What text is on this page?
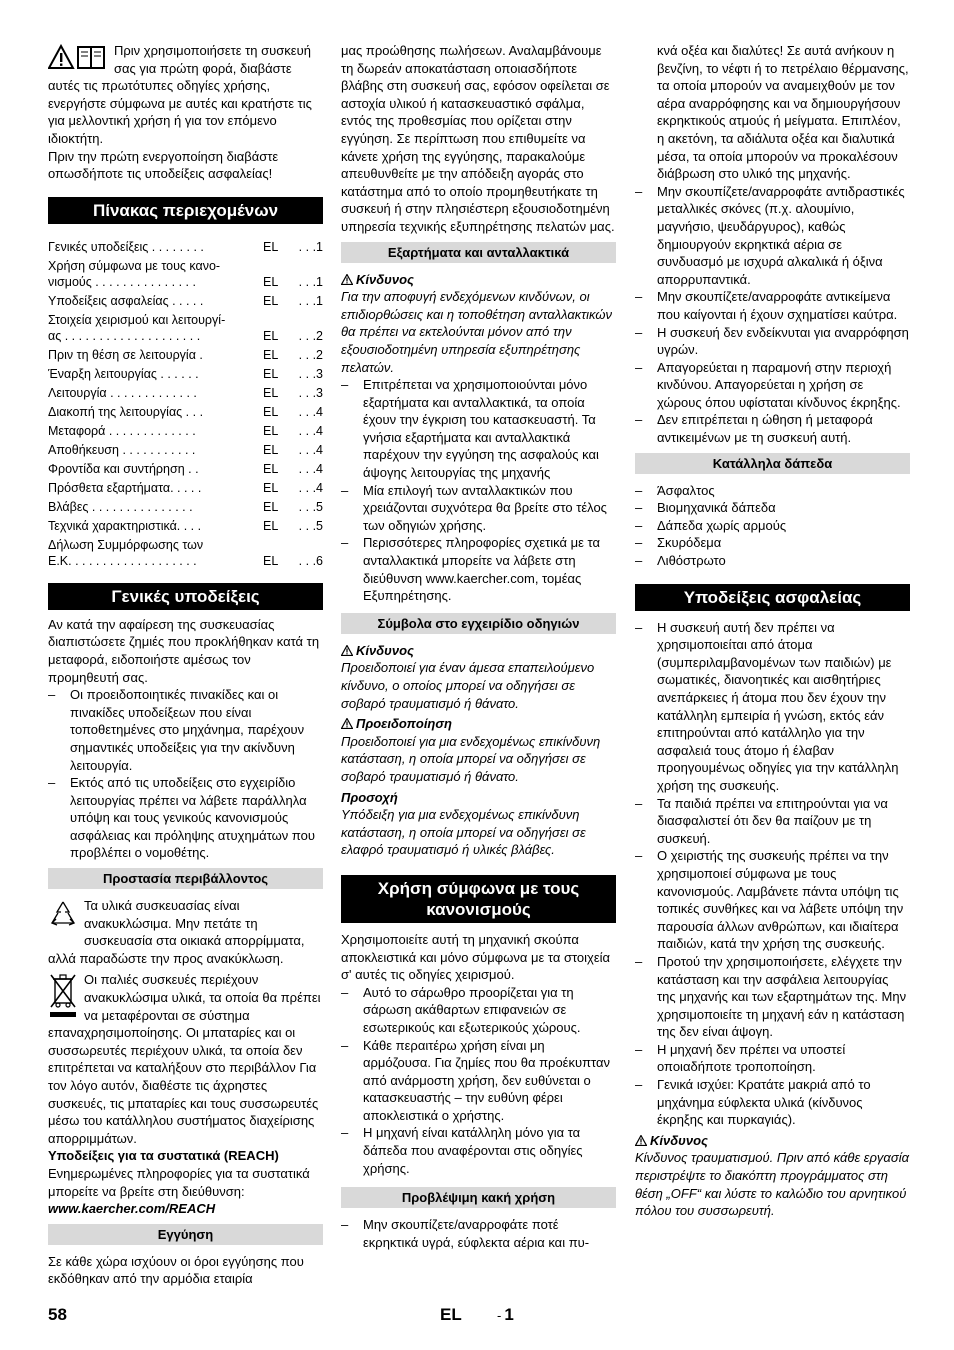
Πριν χρησιμοποιήσετε τη συσκευή σας για πρώτη φορά, διαβάστε αυτές τις πρωτότυπες οδηγίες χρήσης, ενεργήστε σύμφωνα με αυτές και κρατήστε τις για μελλοντική χρήση ή για τον επόμενο ιδιοκτήτη.

Πριν την πρώτη ενεργοποίηση διαβάστε οπωσδήποτε τις υποδείξεις ασφαλείας!

Πίνακας περιεχομένων
Γενικές υποδείξεις . . . . . . . .	EL	. . .1
Χρήση σύμφωνα με τους κανο-
νισμούς . . . . . . . . . . . . . . .	EL	. . .1
Υποδείξεις ασφαλείας . . . . .	EL	. . .1
Στοιχεία χειρισμού και λειτουργί-
ας . . . . . . . . . . . . . . . . . . . .	EL	. . .2
Πριν τη θέση σε λειτουργία .	EL	. . .2
Έναρξη λειτουργίας . . . . . .	EL	. . .3
Λειτουργία . . . . . . . . . . . . .	EL	. . .3
Διακοπή της λειτουργίας . . .	EL	. . .4
Μεταφορά . . . . . . . . . . . . .	EL	. . .4
Αποθήκευση . . . . . . . . . . .	EL	. . .4
Φροντίδα και συντήρηση . .	EL	. . .4
Πρόσθετα εξαρτήματα. . . . .	EL	. . .4
Βλάβες . . . . . . . . . . . . . . .	EL	. . .5
Τεχνικά χαρακτηριστικά. . . .	EL	. . .5
Δήλωση Συμμόρφωσης των
Ε.Κ. . . . . . . . . . . . . . . . . . .	EL	. . .6
Γενικές υποδείξεις

Αν κατά την αφαίρεση της συσκευασίας διαπιστώσετε ζημιές που προκλήθηκαν κατά τη μεταφορά, ειδοποιήστε αμέσως τον προμηθευτή σας.

– Οι προειδοποιητικές πινακίδες και οι πινακίδες υποδείξεων που είναι τοποθετημένες στο μηχάνημα, παρέχουν σημαντικές υποδείξεις για την ακίνδυνη λειτουργία.
– Εκτός από τις υποδείξεις στο εγχειρίδιο λειτουργίας πρέπει να λάβετε παράλληλα υπόψη και τους γενικούς κανονισμούς ασφάλειας και πρόληψης ατυχημάτων που προβλέπει ο νομοθέτης.
Προστασία περιβάλλοντος

Τα υλικά συσκευασίας είναι ανακυκλώσιμα. Μην πετάτε τη συσκευασία στα οικιακά απορρίμματα, αλλά παραδώστε την προς ανακύκλωση.

Οι παλιές συσκευές περιέχουν ανακυκλώσιμα υλικά, τα οποία θα πρέπει να μεταφέρονται σε σύστημα επαναχρησιμοποίησης. Οι μπαταρίες και οι συσσωρευτές περιέχουν υλικά, τα οποία δεν επιτρέπεται να καταλήξουν στο περιβάλλον Για τον λόγο αυτόν, διαθέστε τις άχρηστες συσκευές, τις μπαταρίες και τους συσσωρευτές μέσω του κατάλληλου συστήματος διαχείρισης απορριμμάτων.

Υποδείξεις για τα συστατικά (REACH)

Ενημερωμένες πληροφορίες για τα συστατικά μπορείτε να βρείτε στη διεύθυνση:

www.kaercher.com/REACH

Εγγύηση

Σε κάθε χώρα ισχύουν οι όροι εγγύησης που εκδόθηκαν από την αρμόδια εταιρία

μας προώθησης πωλήσεων. Αναλαμβάνουμε τη δωρεάν αποκατάσταση οποιασδήποτε βλάβης στη συσκευή σας, εφόσον οφείλεται σε αστοχία υλικού ή κατασκευαστικό σφάλμα, εντός της προθεσμίας που ορίζεται στην εγγύηση. Σε περίπτωση που επιθυμείτε να κάνετε χρήση της εγγύησης, παρακαλούμε απευθυνθείτε με την απόδειξη αγοράς στο κατάστημα από το οποίο προμηθευτήκατε τη συσκευή ή στην πλησιέστερη εξουσιοδοτημένη υπηρεσία τεχνικής εξυπηρέτησης πελατών μας.

Εξαρτήματα και ανταλλακτικά

Κίνδυνος

Για την αποφυγή ενδεχόμενων κινδύνων, οι επιδιορθώσεις και η τοποθέτηση ανταλλακτικών θα πρέπει να εκτελούνται μόνον από την εξουσιοδοτημένη υπηρεσία εξυπηρέτησης πελατών.

– Επιτρέπεται να χρησιμοποιούνται μόνο εξαρτήματα και ανταλλακτικά, τα οποία έχουν την έγκριση του κατασκευαστή. Τα γνήσια εξαρτήματα και ανταλλακτικά παρέχουν την εγγύηση της ασφαλούς και άψογης λειτουργίας της μηχανής
– Μία επιλογή των ανταλλακτικών που χρειάζονται συχνότερα θα βρείτε στο τέλος των οδηγιών χρήσης.
– Περισσότερες πληροφορίες σχετικά με τα ανταλλακτικά μπορείτε να λάβετε στη διεύθυνση www.kaercher.com, τομέας Εξυπηρέτησης.
Σύμβολα στο εγχειρίδιο οδηγιών

Κίνδυνος

Προειδοποιεί για έναν άμεσα επαπειλούμενο κίνδυνο, ο οποίος μπορεί να οδηγήσει σε σοβαρό τραυματισμό ή θάνατο.

Προειδοποίηση

Προειδοποιεί για μια ενδεχομένως επικίνδυνη κατάσταση, η οποία μπορεί να οδηγήσει σε σοβαρό τραυματισμό ή θάνατο.

Προσοχή

Υπόδειξη για μια ενδεχομένως επικίνδυνη κατάσταση, η οποία μπορεί να οδηγήσει σε ελαφρό τραυματισμό ή υλικές βλάβες.

Χρήση σύμφωνα με τους κανονισμούς

Χρησιμοποιείτε αυτή τη μηχανική σκούπα αποκλειστικά και μόνο σύμφωνα με τα στοιχεία σ' αυτές τις οδηγίες χειρισμού.

– Αυτό το σάρωθρο προορίζεται για τη σάρωση ακάθαρτων επιφανειών σε εσωτερικούς και εξωτερικούς χώρους.
– Κάθε περαιτέρω χρήση είναι μη αρμόζουσα. Για ζημίες που θα προέκυπταν από ανάρμοστη χρήση, δεν ευθύνεται ο κατασκευαστής – την ευθύνη φέρει αποκλειστικά ο χρήστης.
– Η μηχανή είναι κατάλληλη μόνο για τα δάπεδα που αναφέρονται στις οδηγίες χρήσης.
Προβλέψιμη κακή χρήση
– Μην σκουπίζετε/αναρροφάτε ποτέ εκρηκτικά υγρά, εύφλεκτα αέρια και πυ-
κνά οξέα και διαλύτες! Σε αυτά ανήκουν η βενζίνη, το νέφτι ή το πετρέλαιο θέρμανσης, τα οποία μπορούν να αναμειχθούν με τον αέρα αναρρόφησης και να δημιουργήσουν εκρηκτικούς ατμούς ή μείγματα. Επιπλέον, η ακετόνη, τα αδιάλυτα οξέα και διαλυτικά μέσα, τα οποία μπορούν να προκαλέσουν διάβρωση στο υλικό της μηχανής.
– Μην σκουπίζετε/αναρροφάτε αντιδραστικές μεταλλικές σκόνες (π.χ. αλουμίνιο, μαγνήσιο, ψευδάργυρος), καθώς δημιουργούν εκρηκτικά αέρια σε συνδυασμό με ισχυρά αλκαλικά ή όξινα απορρυπαντικά.
– Μην σκουπίζετε/αναρροφάτε αντικείμενα που καίγονται ή έχουν σχηματίσει καύτρα.
– Η συσκευή δεν ενδείκνυται για αναρρόφηση υγρών.
– Απαγορεύεται η παραμονή στην περιοχή κινδύνου. Απαγορεύεται η χρήση σε χώρους όπου υφίσταται κίνδυνος έκρηξης.
– Δεν επιτρέπεται η ώθηση ή μεταφορά αντικειμένων με τη συσκευή αυτή.
Κατάλληλα δάπεδα
– Άσφαλτος
– Βιομηχανικά δάπεδα
– Δάπεδα χωρίς αρμούς
– Σκυρόδεμα
– Λιθόστρωτο
Υποδείξεις ασφαλείας
– Η συσκευή αυτή δεν πρέπει να χρησιμοποιείται από άτομα (συμπεριλαμβανομένων των παιδιών) με σωματικές, διανοητικές και αισθητήριες ανεπάρκειες ή άτομα που δεν έχουν την κατάλληλη εμπειρία ή γνώση, εκτός εάν επιτηρούνται από κατάλληλο για την ασφαλειά τους άτομο ή έλαβαν προηγουμένως οδηγίες για την κατάλληλη χρήση της συσκευής.
– Τα παιδιά πρέπει να επιτηρούνται για να διασφαλιστεί ότι δεν θα παίζουν με τη συσκευή.
– Ο χειριστής της συσκευής πρέπει να την χρησιμοποιεί σύμφωνα με τους κανονισμούς. Λαμβάνετε πάντα υπόψη τις τοπικές συνθήκες και να λάβετε υπόψη την παρουσία άλλων ανθρώπων, και ιδιαίτερα παιδιών, κατά την χρήση της συσκευής.
– Προτού την χρησιμοποιήσετε, ελέγχετε την κατάσταση και την ασφάλεια λειτουργίας της μηχανής και των εξαρτημάτων της. Μην χρησιμοποιείτε τη μηχανή εάν η κατάσταση της δεν είναι άψογη.
– Η μηχανή δεν πρέπει να υποστεί οποιαδήποτε τροποποίηση.
– Γενικά ισχύει: Κρατάτε μακριά από το μηχάνημα εύφλεκτα υλικά (κίνδυνος έκρηξης και πυρκαγιάς).

Κίνδυνος

Κίνδυνος τραυματισμού. Πριν από κάθε εργασία περιστρέψτε το διακόπτη προγράμματος στη θέση „OFF“ και λύστε το καλώδιο του αρνητικού πόλου του συσσωρευτή.

58	EL	- 1
